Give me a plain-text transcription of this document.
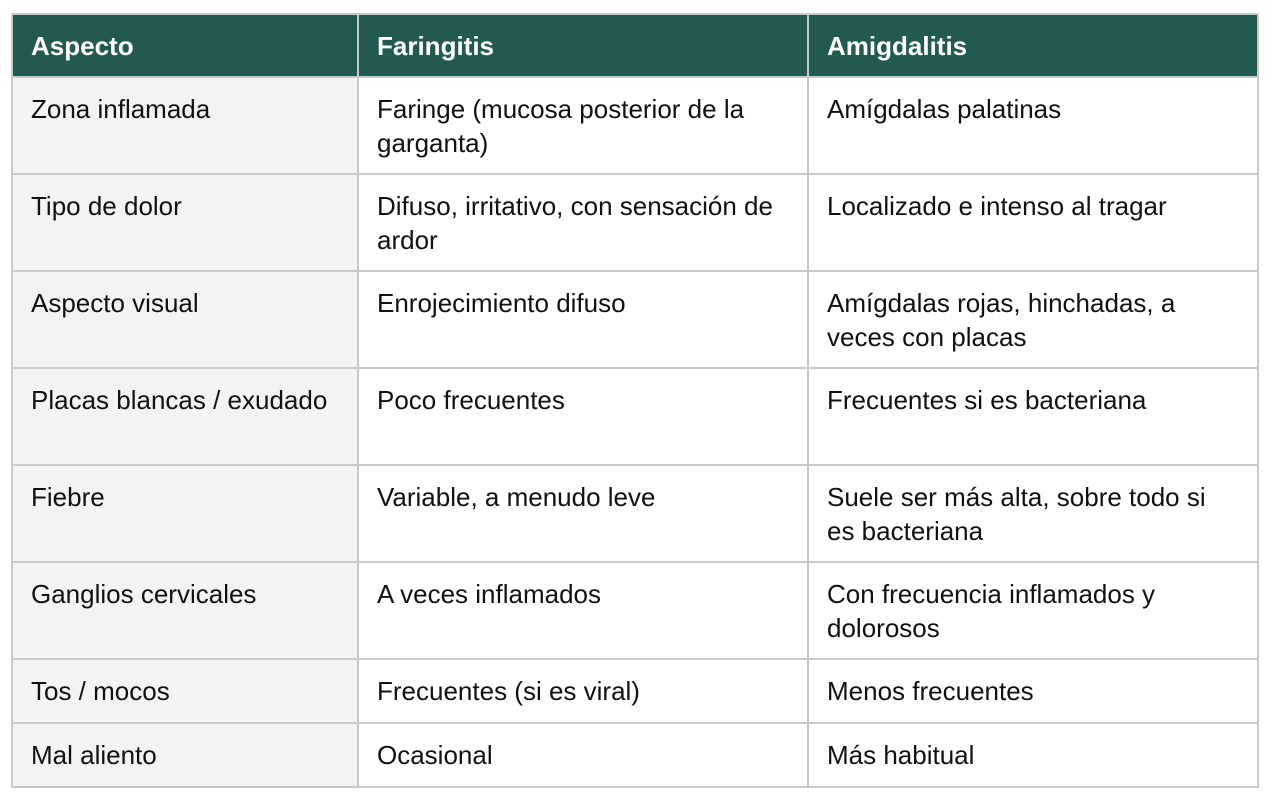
Aspecto	Faringitis	Amigdalitis
Zona inflamada	Faringe (mucosa posterior de la garganta)	Amígdalas palatinas
Tipo de dolor	Difuso, irritativo, con sensación de ardor	Localizado e intenso al tragar
Aspecto visual	Enrojecimiento difuso	Amígdalas rojas, hinchadas, a veces con placas
Placas blancas / exudado	Poco frecuentes	Frecuentes si es bacteriana
Fiebre	Variable, a menudo leve	Suele ser más alta, sobre todo si es bacteriana
Ganglios cervicales	A veces inflamados	Con frecuencia inflamados y dolorosos
Tos / mocos	Frecuentes (si es viral)	Menos frecuentes
Mal aliento	Ocasional	Más habitual
